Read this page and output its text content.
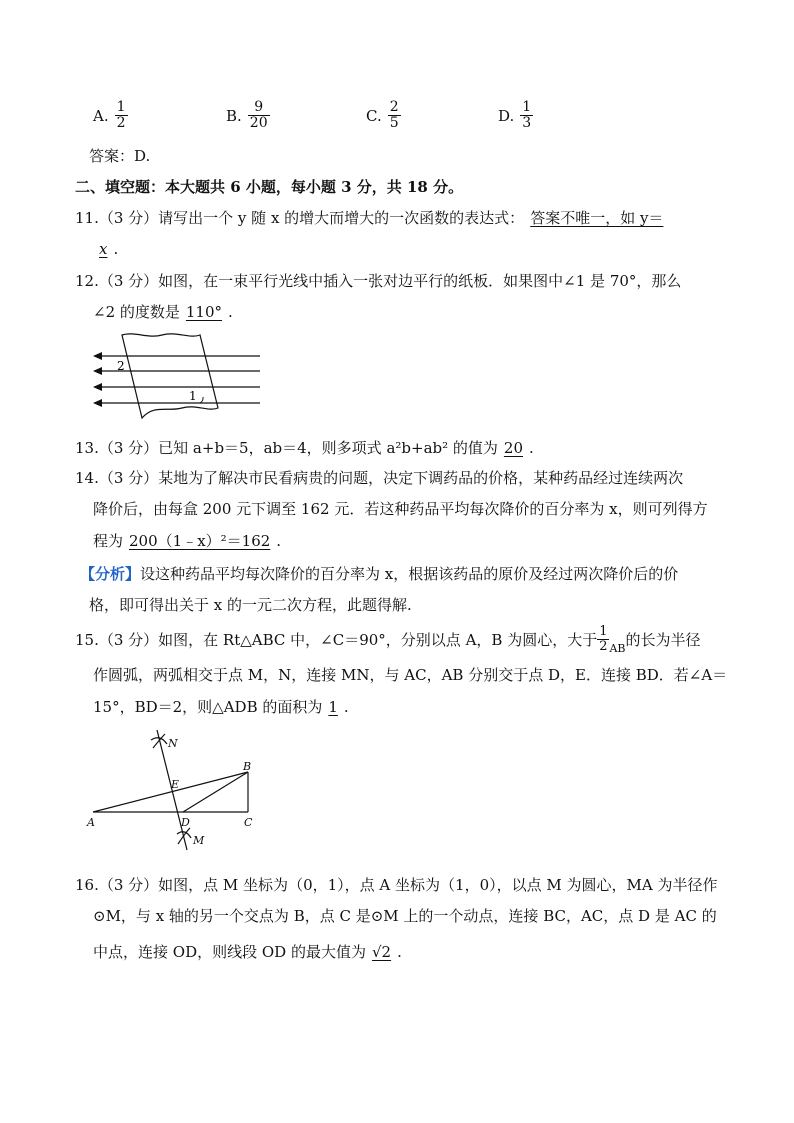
A. $\frac{1}{2}$	B. $\frac{9}{20}$	C. $\frac{2}{5}$	D. $\frac{1}{3}$
答案：D.
二、填空题：本大题共 6 小题，每小题 3 分，共 18 分。
11.（3 分）请写出一个 y 随 x 的增大而增大的一次函数的表达式： 答案不唯一，如 y＝
x .
12.（3 分）如图，在一束平行光线中插入一张对边平行的纸板．如果图中∠1 是 70°，那么
∠2 的度数是 110° .
2
1
13.（3 分）已知 a+b＝5，ab＝4，则多项式 a²b+ab² 的值为 20 .
14.（3 分）某地为了解决市民看病贵的问题，决定下调药品的价格，某种药品经过连续两次
降价后，由每盒 200 元下调至 162 元．若这种药品平均每次降价的百分率为 x，则可列得方
程为 200（1﹣x）²＝162 .
【分析】设这种药品平均每次降价的百分率为 x，根据该药品的原价及经过两次降价后的价
格，即可得出关于 x 的一元二次方程，此题得解.
15.（3 分）如图，在 Rt△ABC 中，∠C＝90°，分别以点 A，B 为圆心，大于 $\frac{1}{2}$ AB 的长为半径
作圆弧，两弧相交于点 M，N，连接 MN，与 AC，AB 分别交于点 D，E．连接 BD．若∠A＝
15°，BD＝2，则△ADB 的面积为 1 .
A
B
C
D
E
M
N
16.（3 分）如图，点 M 坐标为（0，1），点 A 坐标为（1，0），以点 M 为圆心，MA 为半径作
⊙M，与 x 轴的另一个交点为 B，点 C 是⊙M 上的一个动点，连接 BC，AC，点 D 是 AC 的
中点，连接 OD，则线段 OD 的最大值为 √2 .
